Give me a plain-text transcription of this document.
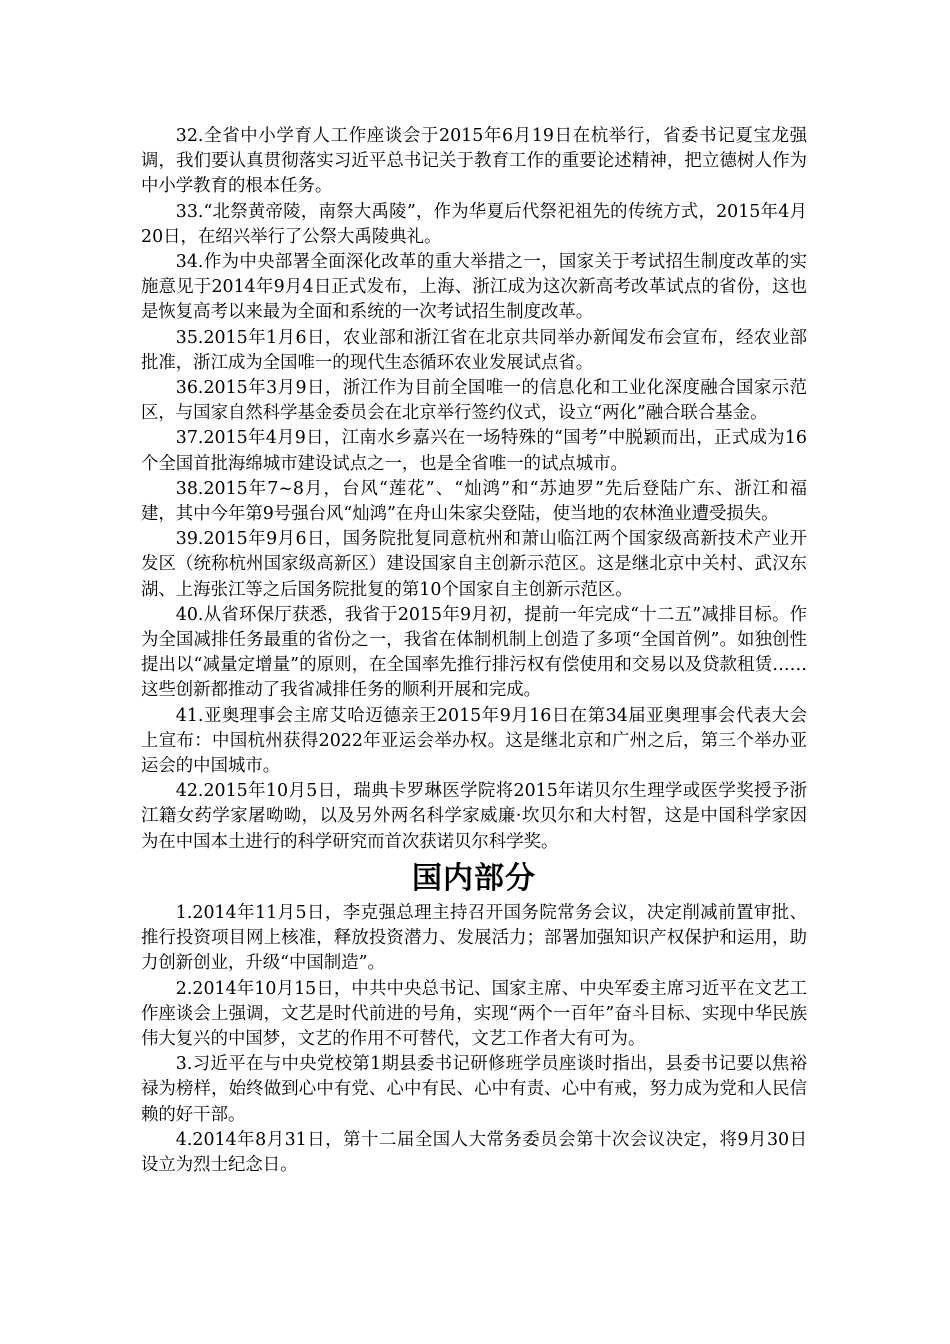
32.全省中小学育人工作座谈会于2015年6月19日在杭举行，省委书记夏宝龙强调，我们要认真贯彻落实习近平总书记关于教育工作的重要论述精神，把立德树人作为中小学教育的根本任务。

33.“北祭黄帝陵，南祭大禹陵”，作为华夏后代祭祀祖先的传统方式，2015年4月20日，在绍兴举行了公祭大禹陵典礼。

34.作为中央部署全面深化改革的重大举措之一，国家关于考试招生制度改革的实施意见于2014年9月4日正式发布，上海、浙江成为这次新高考改革试点的省份，这也是恢复高考以来最为全面和系统的一次考试招生制度改革。

35.2015年1月6日，农业部和浙江省在北京共同举办新闻发布会宣布，经农业部批准，浙江成为全国唯一的现代生态循环农业发展试点省。

36.2015年3月9日，浙江作为目前全国唯一的信息化和工业化深度融合国家示范区，与国家自然科学基金委员会在北京举行签约仪式，设立“两化”融合联合基金。

37.2015年4月9日，江南水乡嘉兴在一场特殊的“国考”中脱颖而出，正式成为16个全国首批海绵城市建设试点之一，也是全省唯一的试点城市。

38.2015年7~8月，台风“莲花”、“灿鸿”和“苏迪罗”先后登陆广东、浙江和福建，其中今年第9号强台风“灿鸿”在舟山朱家尖登陆，使当地的农林渔业遭受损失。

39.2015年9月6日，国务院批复同意杭州和萧山临江两个国家级高新技术产业开发区（统称杭州国家级高新区）建设国家自主创新示范区。这是继北京中关村、武汉东湖、上海张江等之后国务院批复的第10个国家自主创新示范区。

40.从省环保厅获悉，我省于2015年9月初，提前一年完成“十二五”减排目标。作为全国减排任务最重的省份之一，我省在体制机制上创造了多项“全国首例”。如独创性提出以“减量定增量”的原则，在全国率先推行排污权有偿使用和交易以及贷款租赁……这些创新都推动了我省减排任务的顺利开展和完成。

41.亚奥理事会主席艾哈迈德亲王2015年9月16日在第34届亚奥理事会代表大会上宣布：中国杭州获得2022年亚运会举办权。这是继北京和广州之后，第三个举办亚运会的中国城市。

42.2015年10月5日，瑞典卡罗琳医学院将2015年诺贝尔生理学或医学奖授予浙江籍女药学家屠呦呦，以及另外两名科学家威廉·坎贝尔和大村智，这是中国科学家因为在中国本土进行的科学研究而首次获诺贝尔科学奖。

国内部分

1.2014年11月5日，李克强总理主持召开国务院常务会议，决定削减前置审批、推行投资项目网上核准，释放投资潜力、发展活力；部署加强知识产权保护和运用，助力创新创业，升级“中国制造”。

2.2014年10月15日，中共中央总书记、国家主席、中央军委主席习近平在文艺工作座谈会上强调，文艺是时代前进的号角，实现“两个一百年”奋斗目标、实现中华民族伟大复兴的中国梦，文艺的作用不可替代，文艺工作者大有可为。

3.习近平在与中央党校第1期县委书记研修班学员座谈时指出，县委书记要以焦裕禄为榜样，始终做到心中有党、心中有民、心中有责、心中有戒，努力成为党和人民信赖的好干部。

4.2014年8月31日，第十二届全国人大常务委员会第十次会议决定，将9月30日设立为烈士纪念日。
